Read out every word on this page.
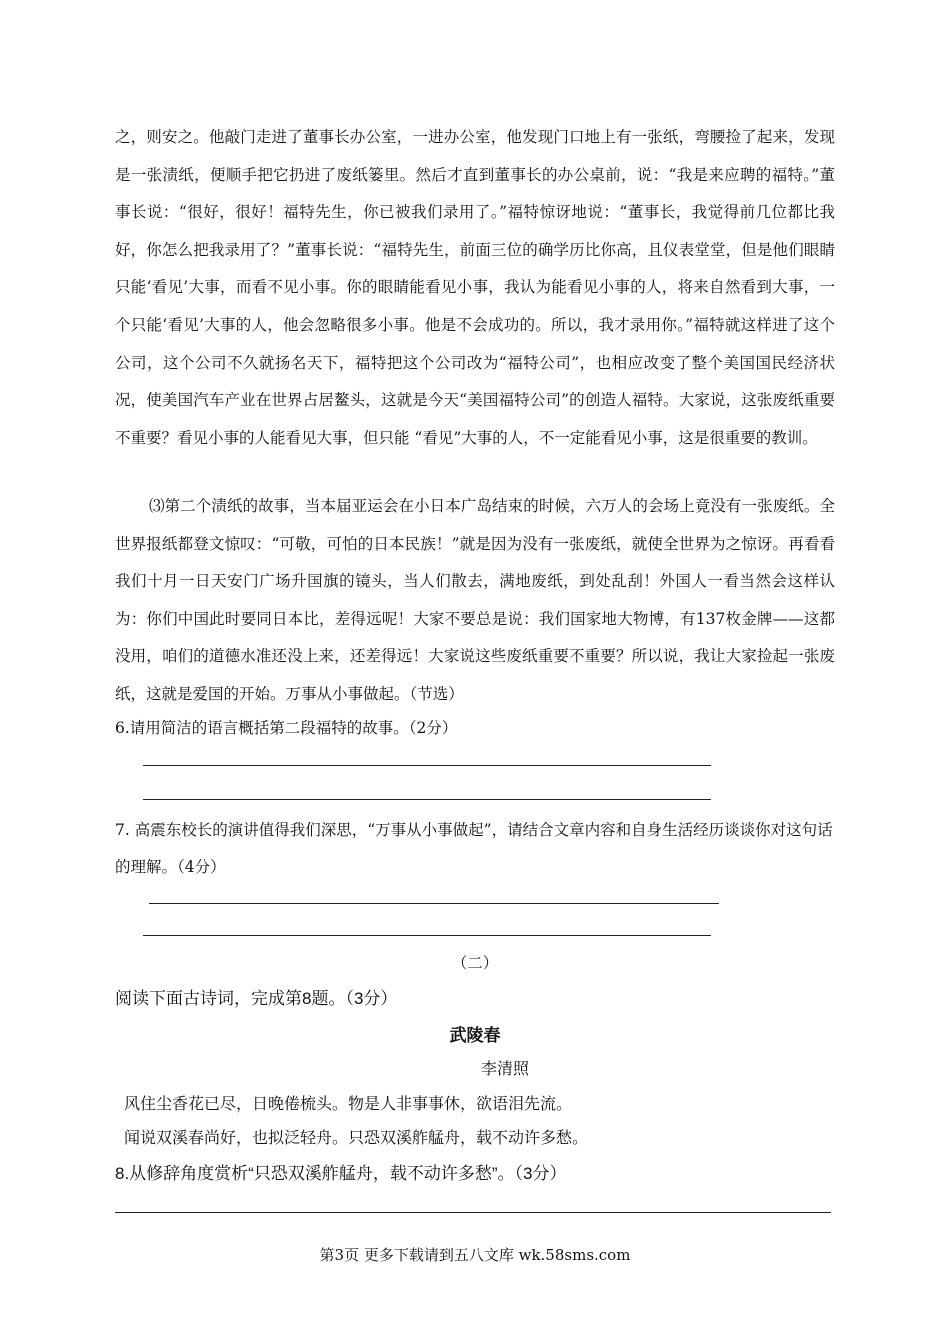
之，则安之。他敲门走进了董事长办公室，一进办公室，他发现门口地上有一张纸，弯腰捡了起来，发现是一张渍纸，便顺手把它扔进了废纸篓里。然后才直到董事长的办公桌前，说：“我是来应聘的福特。”董事长说：“很好，很好！福特先生，你已被我们录用了。”福特惊讶地说：“董事长，我觉得前几位都比我好，你怎么把我录用了？”董事长说：“福特先生，前面三位的确学历比你高，且仪表堂堂，但是他们眼睛只能‘看见’大事，而看不见小事。你的眼睛能看见小事，我认为能看见小事的人，将来自然看到大事，一个只能‘看见’大事的人，他会忽略很多小事。他是不会成功的。所以，我才录用你。”福特就这样进了这个公司，这个公司不久就扬名天下，福特把这个公司改为“福特公司”，也相应改变了整个美国国民经济状况，使美国汽车产业在世界占居鳌头，这就是今天“美国福特公司”的创造人福特。大家说，这张废纸重要不重要？看见小事的人能看见大事，但只能 “看见”大事的人，不一定能看见小事，这是很重要的教训。

⑶第二个渍纸的故事，当本届亚运会在小日本广岛结束的时候，六万人的会场上竟没有一张废纸。全世界报纸都登文惊叹：“可敬，可怕的日本民族！”就是因为没有一张废纸，就使全世界为之惊讶。再看看我们十月一日天安门广场升国旗的镜头，当人们散去，满地废纸，到处乱刮！外国人一看当然会这样认为：你们中国此时要同日本比，差得远呢！大家不要总是说：我们国家地大物博，有137枚金牌——这都没用，咱们的道德水准还没上来，还差得远！大家说这些废纸重要不重要？所以说，我让大家捡起一张废纸，这就是爱国的开始。万事从小事做起。（节选）

6.请用简洁的语言概括第二段福特的故事。（2分）

7. 高震东校长的演讲值得我们深思，“万事从小事做起”，请结合文章内容和自身生活经历谈谈你对这句话的理解。（4分）

（二）
阅读下面古诗词，完成第8题。（3分）
武陵春
李清照
风住尘香花已尽，日晚倦梳头。物是人非事事休，欲语泪先流。
闻说双溪春尚好，也拟泛轻舟。只恐双溪舴艋舟，载不动许多愁。
8.从修辞角度赏析“只恐双溪舴艋舟，载不动许多愁”。（3分）
第3页 更多下载请到五八文库 wk.58sms.com
